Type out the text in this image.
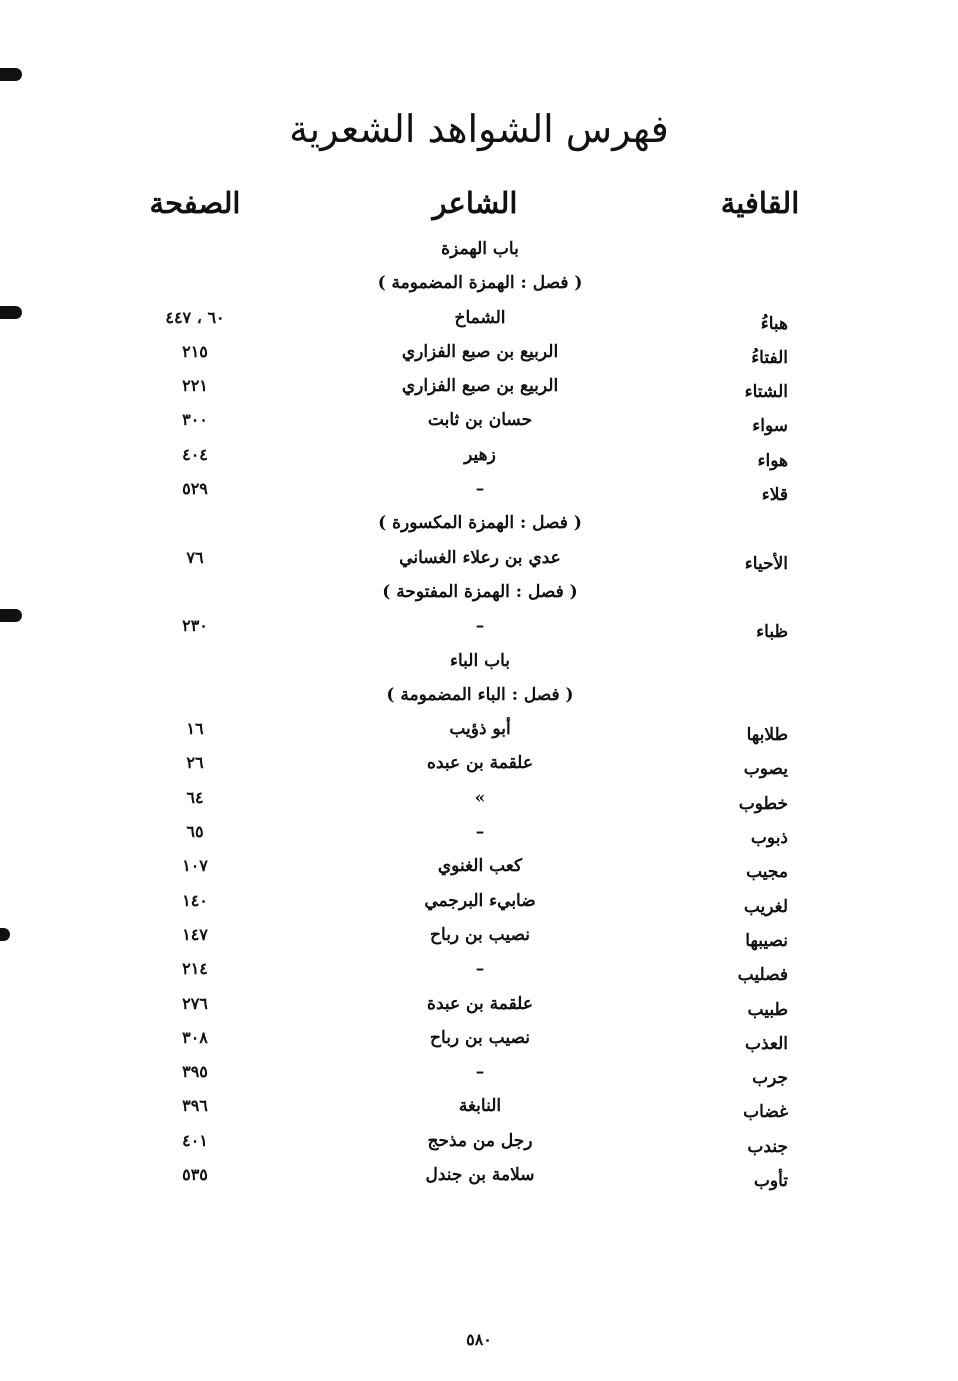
فهرس الشواهد الشعرية
القافية
الشاعر
الصفحة
باب الهمزة
( فصل : الهمزة المضمومة )
هباءُ
الشماخ
٦٠ ، ٤٤٧
الفتاءُ
الربيع بن صبع الفزاري
٢١٥
الشتاء
الربيع بن صبع الفزاري
٢٢١
سواء
حسان بن ثابت
٣٠٠
هواء
زهير
٤٠٤
قلاء
–
٥٢٩
( فصل : الهمزة المكسورة )
الأحياء
عدي بن رعلاء الغساني
٧٦
( فصل : الهمزة المفتوحة )
ظباء
–
٢٣٠
باب الباء
( فصل : الباء المضمومة )
طلابها
أبو ذؤيب
١٦
يصوب
علقمة بن عبده
٢٦
خطوب
»
٦٤
ذبوب
–
٦٥
مجيب
كعب الغنوي
١٠٧
لغريب
ضابيء البرجمي
١٤٠
نصيبها
نصيب بن رباح
١٤٧
فصليب
–
٢١٤
طبيب
علقمة بن عبدة
٢٧٦
العذب
نصيب بن رباح
٣٠٨
جرب
–
٣٩٥
غضاب
النابغة
٣٩٦
جندب
رجل من مذحج
٤٠١
تأوب
سلامة بن جندل
٥٣٥
٥٨٠
